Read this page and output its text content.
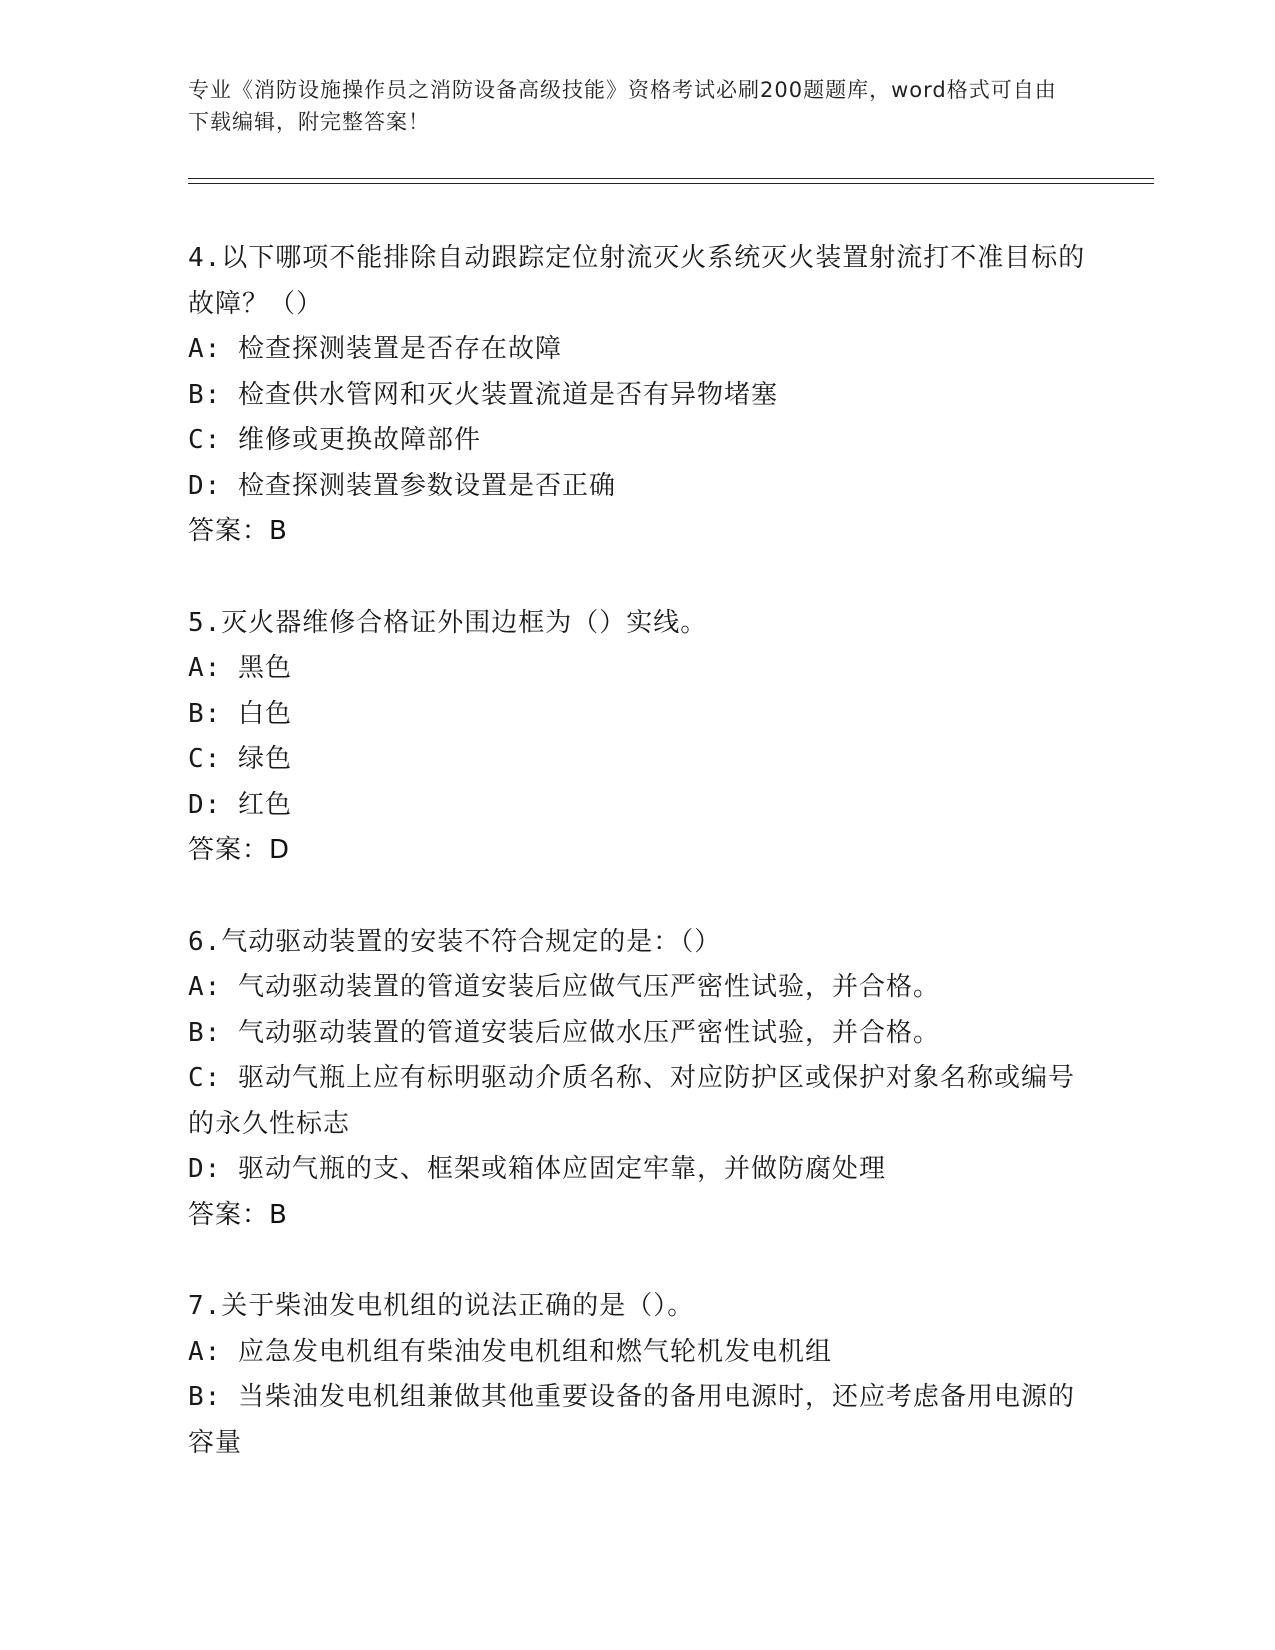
专业《消防设施操作员之消防设备高级技能》资格考试必刷200题题库，word格式可自由下载编辑，附完整答案！
4.以下哪项不能排除自动跟踪定位射流灭火系统灭火装置射流打不准目标的故障？（）
A: 检查探测装置是否存在故障
B: 检查供水管网和灭火装置流道是否有异物堵塞
C: 维修或更换故障部件
D: 检查探测装置参数设置是否正确
答案：B
5.灭火器维修合格证外围边框为（）实线。
A: 黑色
B: 白色
C: 绿色
D: 红色
答案：D
6.气动驱动装置的安装不符合规定的是：（）
A: 气动驱动装置的管道安装后应做气压严密性试验，并合格。
B: 气动驱动装置的管道安装后应做水压严密性试验，并合格。
C: 驱动气瓶上应有标明驱动介质名称、对应防护区或保护对象名称或编号的永久性标志
D: 驱动气瓶的支、框架或箱体应固定牢靠，并做防腐处理
答案：B
7.关于柴油发电机组的说法正确的是（）。
A: 应急发电机组有柴油发电机组和燃气轮机发电机组
B: 当柴油发电机组兼做其他重要设备的备用电源时，还应考虑备用电源的容量
